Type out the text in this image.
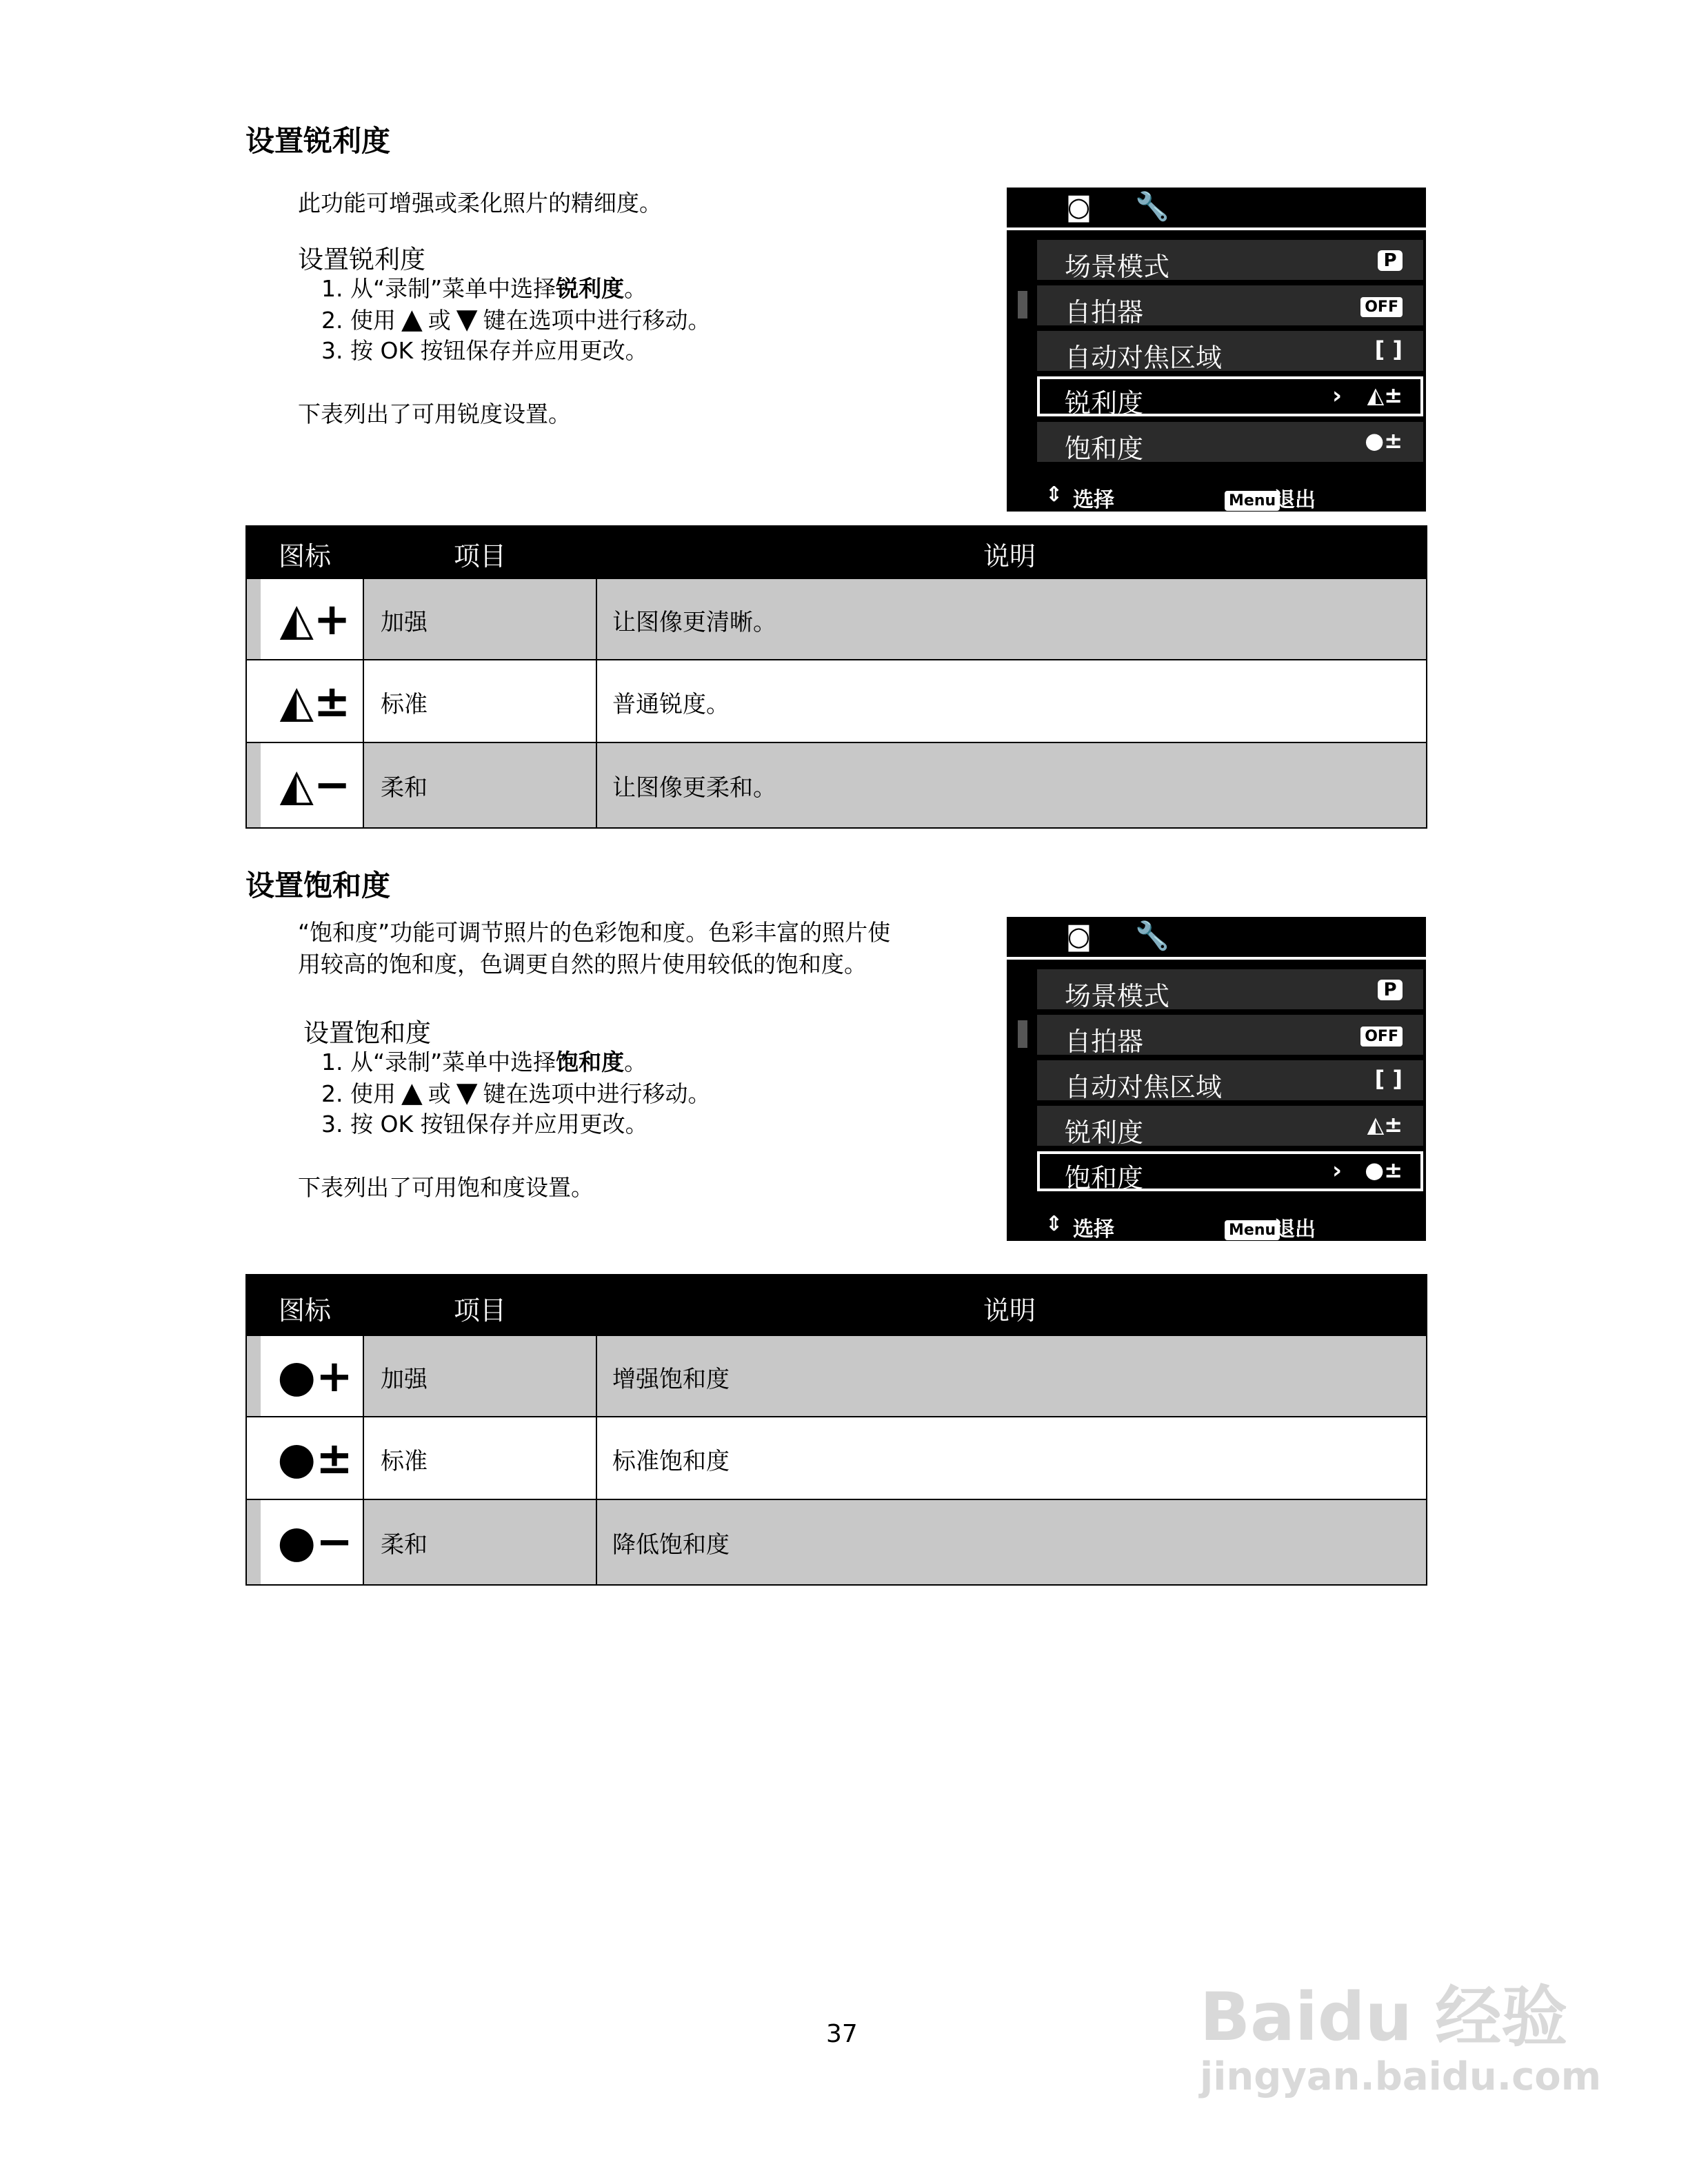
设置锐利度
此功能可增强或柔化照片的精细度。
设置锐利度
1. 从“录制”菜单中选择锐利度。
2. 使用 ▲ 或 ▼ 键在选项中进行移动。
3. 按 OK 按钮保存并应用更改。
下表列出了可用锐度设置。
◙ 🔧
场景模式	P
自拍器	OFF
自动对焦区域	[ ]
锐利度	› ◭±
饱和度	●±
⇕ 选择	Menu
退出
图标	项目	说明
◭+	加强	让图像更清晰。
◭±	标准	普通锐度。
◭−	柔和	让图像更柔和。
设置饱和度
“饱和度”功能可调节照片的色彩饱和度。色彩丰富的照片使
用较高的饱和度，色调更自然的照片使用较低的饱和度。
设置饱和度
1. 从“录制”菜单中选择饱和度。
2. 使用 ▲ 或 ▼ 键在选项中进行移动。
3. 按 OK 按钮保存并应用更改。
下表列出了可用饱和度设置。
◙ 🔧
场景模式	P
自拍器	OFF
自动对焦区域	[ ]
锐利度	◭±
饱和度	› ●±
⇕ 选择	Menu
退出
图标	项目	说明
●+	加强	增强饱和度
●±	标准	标准饱和度
●−	柔和	降低饱和度
37	Baidu 经验
jingyan.baidu.com
